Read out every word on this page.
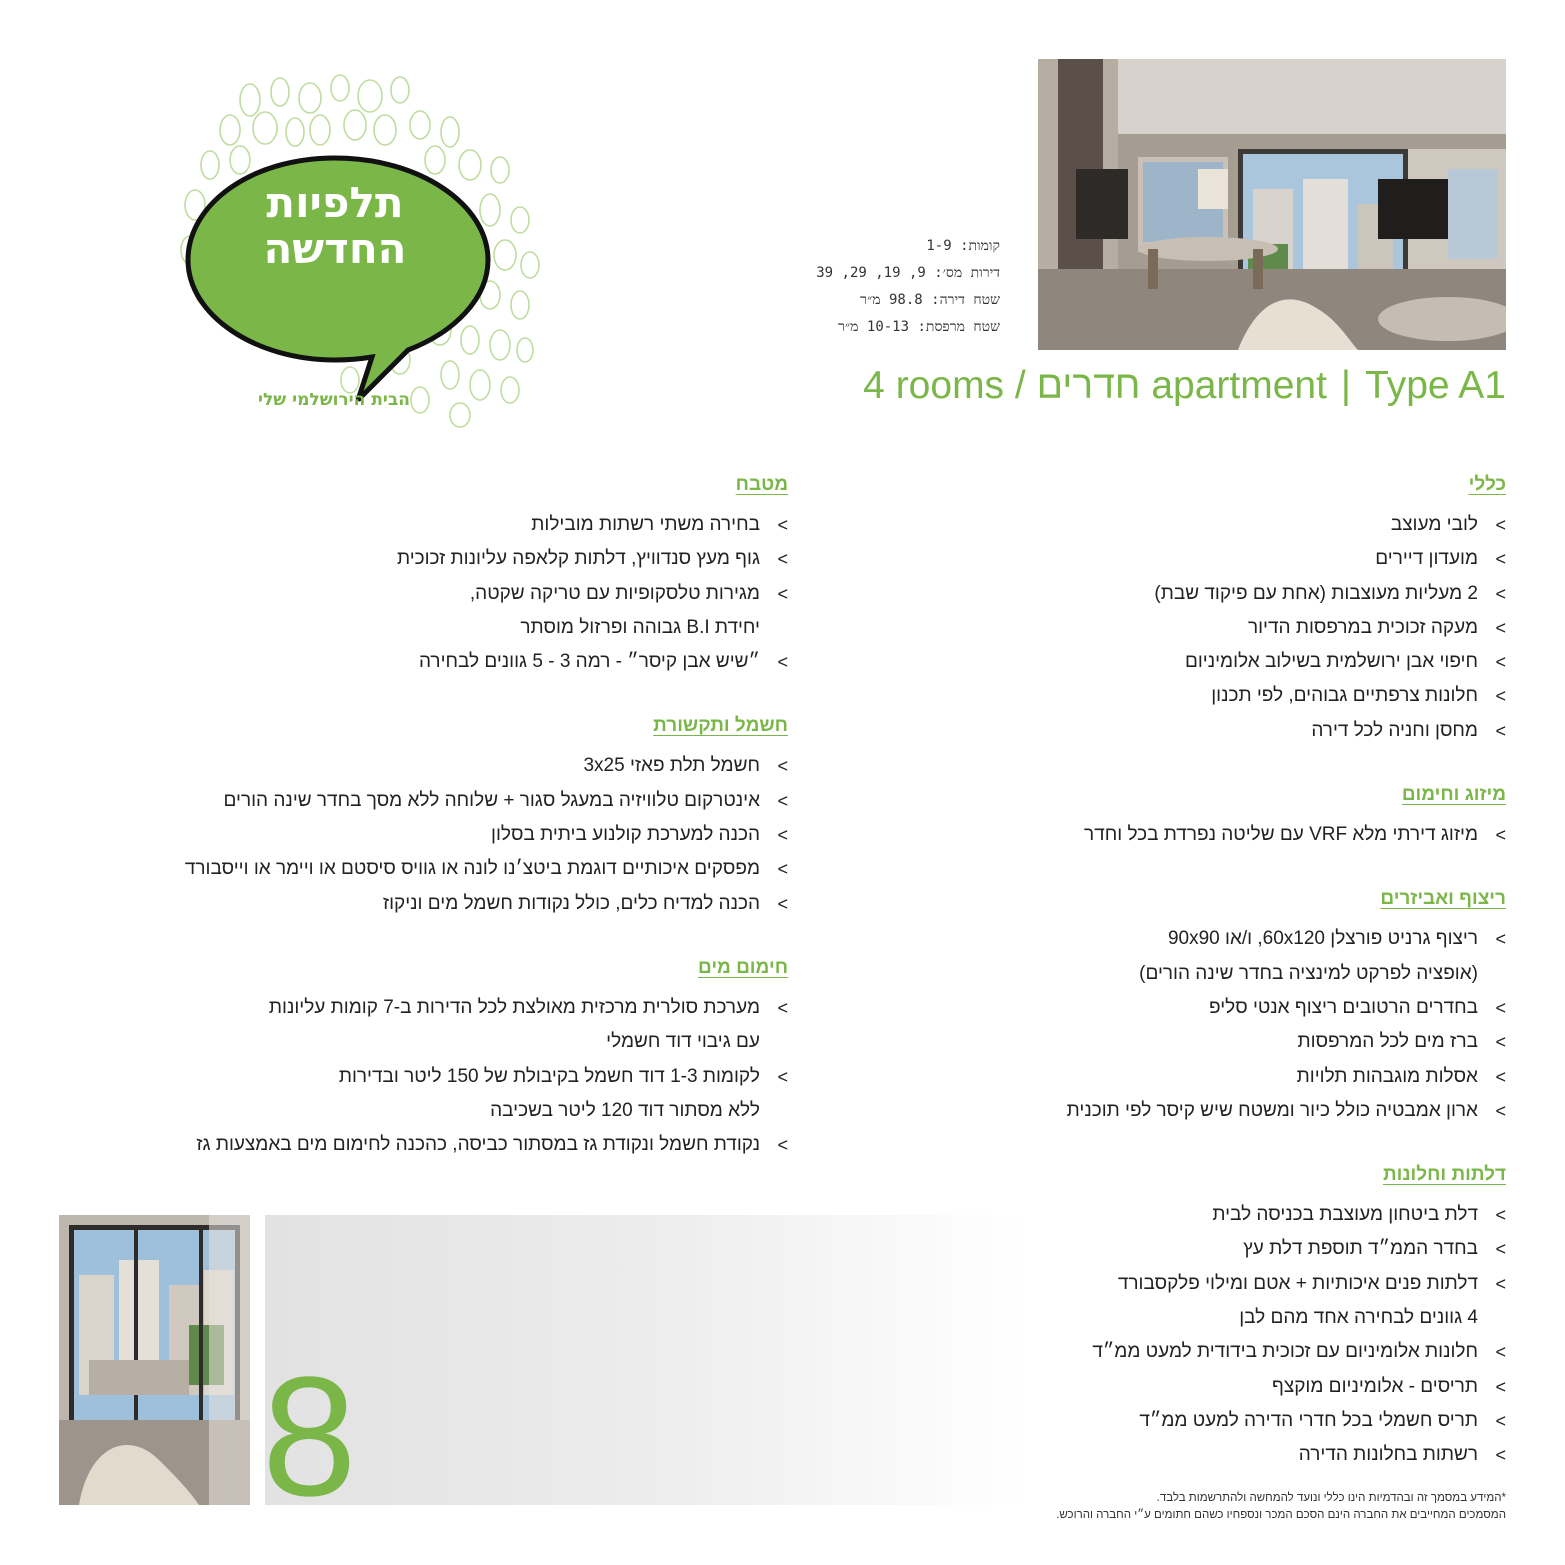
תלפיות
החדשה
הבית הירושלמי שלי
קומות: 1-9
דירות מס׳: 9, 19, 29, 39
שטח דירה: 98.8 מ״ר
שטח מרפסת: 10-13 מ״ר
4 rooms / חדרים apartment | Type A1
כללי
>
לובי מעוצב
>
מועדון דיירים
>
2 מעליות מעוצבות (אחת עם פיקוד שבת)
>
מעקה זכוכית במרפסות הדיור
>
חיפוי אבן ירושלמית בשילוב אלומיניום
>
חלונות צרפתיים גבוהים, לפי תכנון
>
מחסן וחניה לכל דירה
מיזוג וחימום
>
מיזוג דירתי מלא VRF עם שליטה נפרדת בכל וחדר
ריצוף ואביזרים
>
ריצוף גרניט פורצלן 60x120, ו/או 90x90
(אופציה לפרקט למינציה בחדר שינה הורים)
>
בחדרים הרטובים ריצוף אנטי סליפ
>
ברז מים לכל המרפסות
>
אסלות מוגבהות תלויות
>
ארון אמבטיה כולל כיור ומשטח שיש קיסר לפי תוכנית
דלתות וחלונות
>
דלת ביטחון מעוצבת בכניסה לבית
>
בחדר הממ״ד תוספת דלת עץ
>
דלתות פנים איכותיות + אטם ומילוי פלקסבורד
4 גוונים לבחירה אחד מהם לבן
>
חלונות אלומיניום עם זכוכית בידודית למעט ממ״ד
>
תריסים - אלומיניום מוקצף
>
תריס חשמלי בכל חדרי הדירה למעט ממ״ד
>
רשתות בחלונות הדירה
מטבח
>
בחירה משתי רשתות מובילות
>
גוף מעץ סנדוויץ, דלתות קלאפה עליונות זכוכית
>
מגירות טלסקופיות עם טריקה שקטה,
יחידת B.I גבוהה ופרזול מוסתר
>
״שיש אבן קיסר״ - רמה 3 - 5 גוונים לבחירה
חשמל ותקשורת
>
חשמל תלת פאזי 3x25
>
אינטרקום טלוויזיה במעגל סגור + שלוחה ללא מסך בחדר שינה הורים
>
הכנה למערכת קולנוע ביתית בסלון
>
מפסקים איכותיים דוגמת ביטצ׳נו לונה או גוויס סיסטם או ויימר או וייסבורד
>
הכנה למדיח כלים, כולל נקודות חשמל מים וניקוז
חימום מים
>
מערכת סולרית מרכזית מאולצת לכל הדירות ב-7 קומות עליונות
עם גיבוי דוד חשמלי
>
לקומות 1-3 דוד חשמל בקיבולת של 150 ליטר ובדירות
ללא מסתור דוד 120 ליטר בשכיבה
>
נקודת חשמל ונקודת גז במסתור כביסה, כהכנה לחימום מים באמצעות גז
8	*המידע במסמך זה ובהדמיות הינו כללי ונועד להמחשה ולהתרשמות בלבד.
המסמכים המחייבים את החברה הינם הסכם המכר ונספחיו כשהם חתומים ע״י החברה והרוכש.
